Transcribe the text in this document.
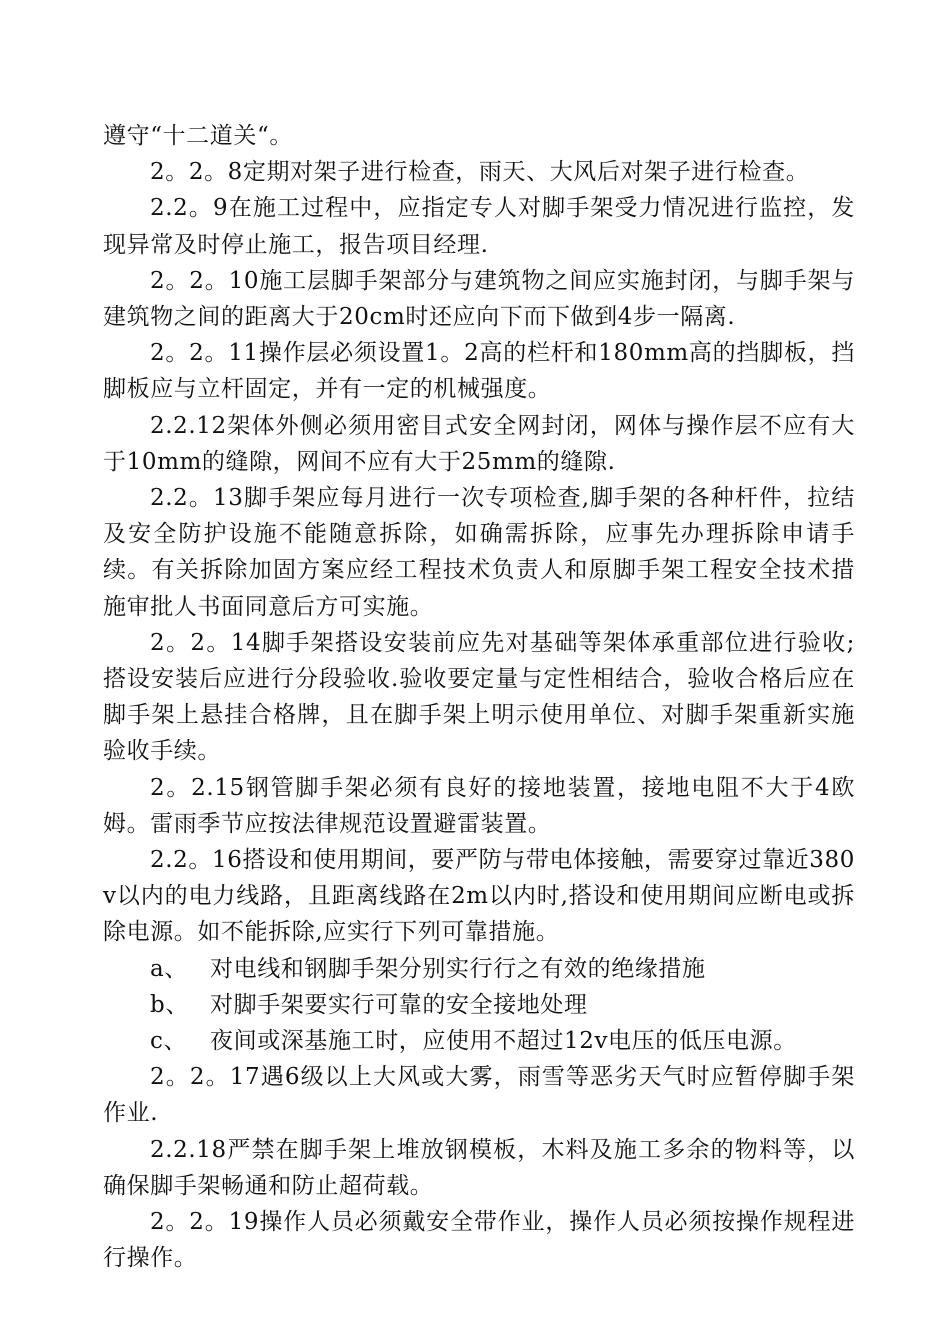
遵守“十二道关“。

2。2。8定期对架子进行检查，雨天、大风后对架子进行检查。

2.2。9在施工过程中，应指定专人对脚手架受力情况进行监控，发现异常及时停止施工，报告项目经理.

2。2。10施工层脚手架部分与建筑物之间应实施封闭，与脚手架与建筑物之间的距离大于20cm时还应向下而下做到4步一隔离.

2。2。11操作层必须设置1。2高的栏杆和180mm高的挡脚板，挡脚板应与立杆固定，并有一定的机械强度。

2.2.12架体外侧必须用密目式安全网封闭，网体与操作层不应有大于10mm的缝隙，网间不应有大于25mm的缝隙.

2.2。13脚手架应每月进行一次专项检查,脚手架的各种杆件，拉结及安全防护设施不能随意拆除，如确需拆除，应事先办理拆除申请手续。有关拆除加固方案应经工程技术负责人和原脚手架工程安全技术措施审批人书面同意后方可实施。

2。2。14脚手架搭设安装前应先对基础等架体承重部位进行验收;搭设安装后应进行分段验收.验收要定量与定性相结合，验收合格后应在脚手架上悬挂合格牌，且在脚手架上明示使用单位、对脚手架重新实施验收手续。

2。2.15钢管脚手架必须有良好的接地装置，接地电阻不大于4欧姆。雷雨季节应按法律规范设置避雷装置。

2.2。16搭设和使用期间，要严防与带电体接触，需要穿过靠近380v以内的电力线路，且距离线路在2m以内时,搭设和使用期间应断电或拆除电源。如不能拆除,应实行下列可靠措施。

a、 对电线和钢脚手架分别实行行之有效的绝缘措施

b、 对脚手架要实行可靠的安全接地处理

c、 夜间或深基施工时，应使用不超过12v电压的低压电源。

2。2。17遇6级以上大风或大雾，雨雪等恶劣天气时应暂停脚手架作业.

2.2.18严禁在脚手架上堆放钢模板，木料及施工多余的物料等，以确保脚手架畅通和防止超荷载。

2。2。19操作人员必须戴安全带作业，操作人员必须按操作规程进行操作。
